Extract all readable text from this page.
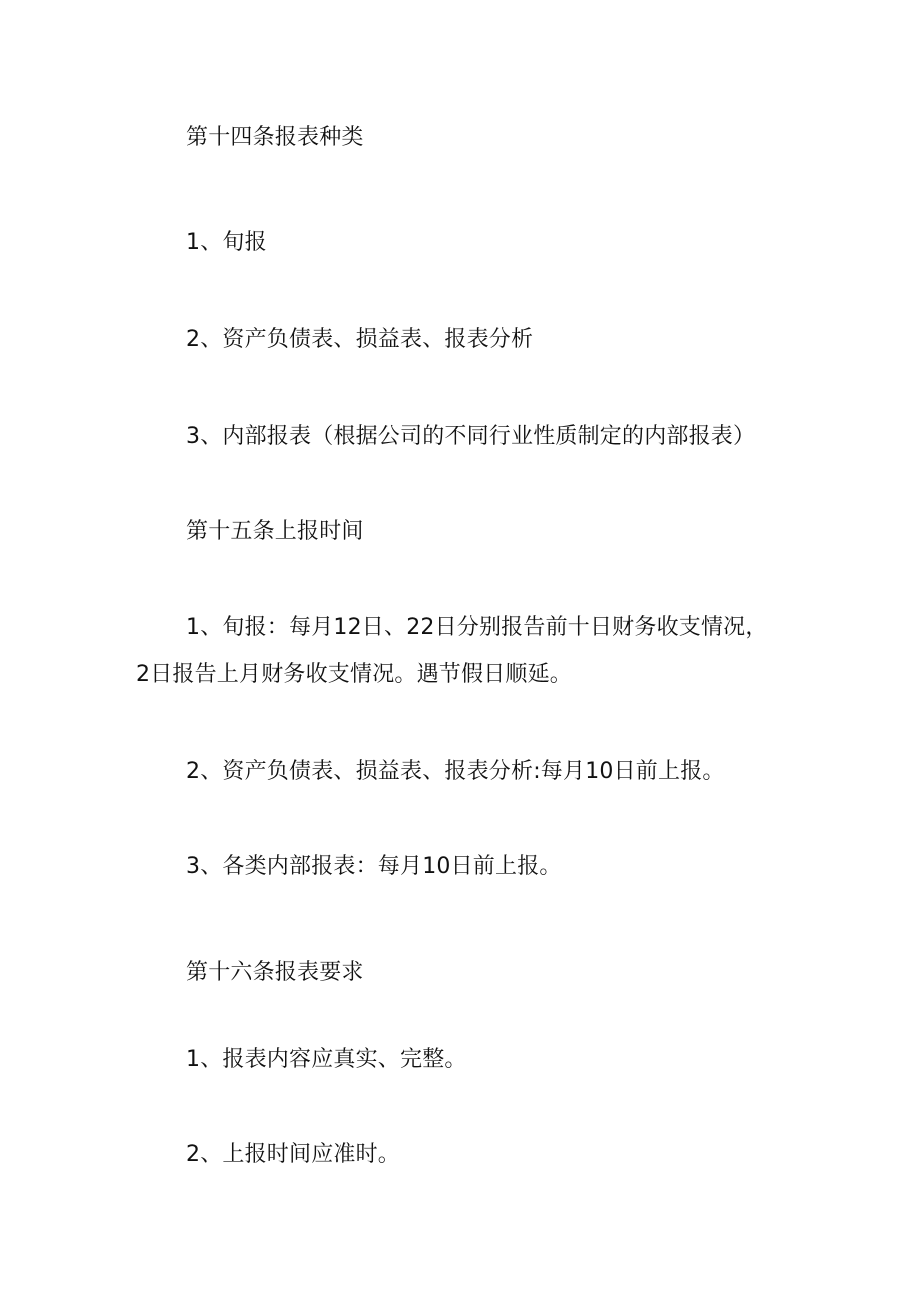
第十四条报表种类
1、旬报
2、资产负债表、损益表、报表分析
3、内部报表（根据公司的不同行业性质制定的内部报表）
第十五条上报时间
1、旬报：每月12日、22日分别报告前十日财务收支情况，
2日报告上月财务收支情况。遇节假日顺延。
2、资产负债表、损益表、报表分析:每月10日前上报。
3、各类内部报表：每月10日前上报。
第十六条报表要求
1、报表内容应真实、完整。
2、上报时间应准时。
